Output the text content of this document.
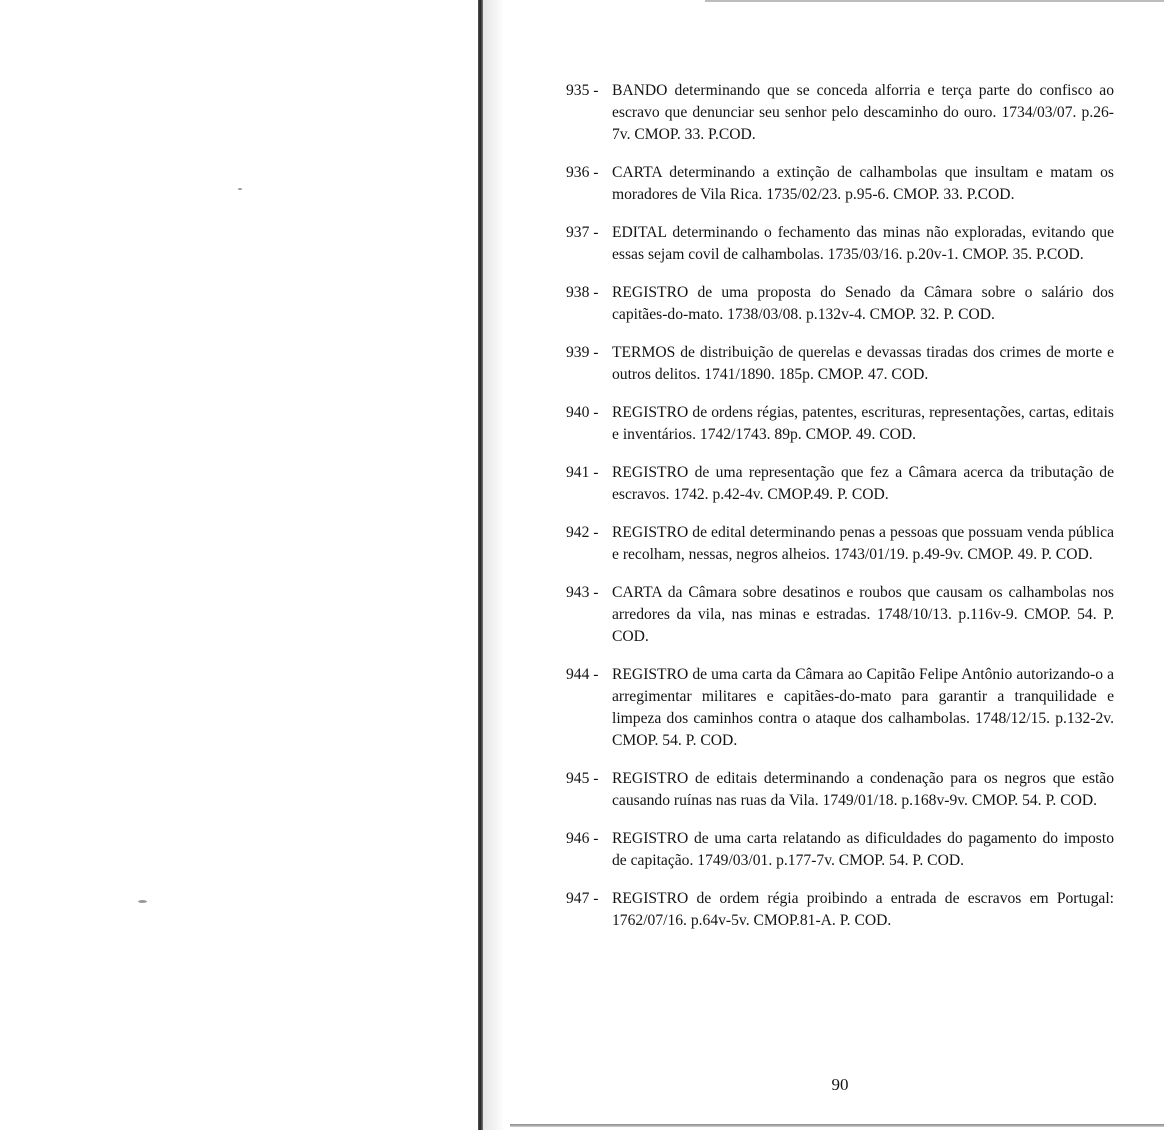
935 - BANDO determinando que se conceda alforria e terça parte do confisco ao escravo que denunciar seu senhor pelo descaminho do ouro. 1734/03/07. p.26-7v. CMOP. 33. P.COD.
936 - CARTA determinando a extinção de calhambolas que insultam e matam os moradores de Vila Rica. 1735/02/23. p.95-6. CMOP. 33. P.COD.
937 - EDITAL determinando o fechamento das minas não exploradas, evitando que essas sejam covil de calhambolas. 1735/03/16. p.20v-1. CMOP. 35. P.COD.
938 - REGISTRO de uma proposta do Senado da Câmara sobre o salário dos capitães-do-mato. 1738/03/08. p.132v-4. CMOP. 32. P. COD.
939 - TERMOS de distribuição de querelas e devassas tiradas dos crimes de morte e outros delitos. 1741/1890. 185p. CMOP. 47. COD.
940 - REGISTRO de ordens régias, patentes, escrituras, representações, cartas, editais e inventários. 1742/1743. 89p. CMOP. 49. COD.
941 - REGISTRO de uma representação que fez a Câmara acerca da tributação de escravos. 1742. p.42-4v. CMOP.49. P. COD.
942 - REGISTRO de edital determinando penas a pessoas que possuam venda pública e recolham, nessas, negros alheios. 1743/01/19. p.49-9v. CMOP. 49. P. COD.
943 - CARTA da Câmara sobre desatinos e roubos que causam os calhambolas nos arredores da vila, nas minas e estradas. 1748/10/13. p.116v-9. CMOP. 54. P. COD.
944 - REGISTRO de uma carta da Câmara ao Capitão Felipe Antônio autorizando-o a arregimentar militares e capitães-do-mato para garantir a tranquilidade e limpeza dos caminhos contra o ataque dos calhambolas. 1748/12/15. p.132-2v. CMOP. 54. P. COD.
945 - REGISTRO de editais determinando a condenação para os negros que estão causando ruínas nas ruas da Vila. 1749/01/18. p.168v-9v. CMOP. 54. P. COD.
946 - REGISTRO de uma carta relatando as dificuldades do pagamento do imposto de capitação. 1749/03/01. p.177-7v. CMOP. 54. P. COD.
947 - REGISTRO de ordem régia proibindo a entrada de escravos em Portugal: 1762/07/16. p.64v-5v. CMOP.81-A. P. COD.
90
